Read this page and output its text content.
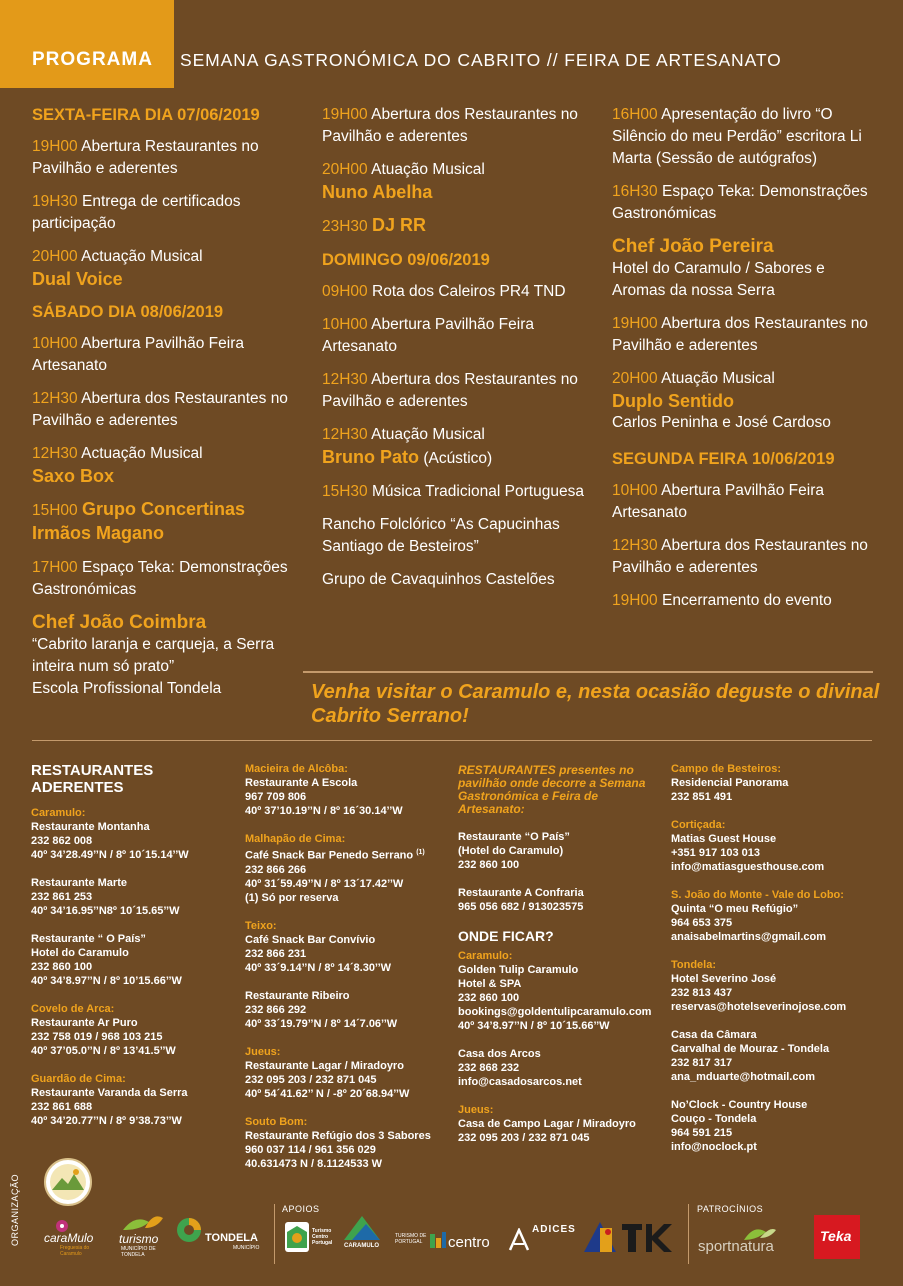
PROGRAMA SEMANA GASTRONÓMICA DO CABRITO // FEIRA DE ARTESANATO
SEXTA-FEIRA DIA 07/06/2019
19H00 Abertura Restaurantes no Pavilhão e aderentes
19H30 Entrega de certificados participação
20H00 Actuação Musical
Dual Voice
SÁBADO DIA 08/06/2019
10H00 Abertura Pavilhão Feira Artesanato
12H30 Abertura dos Restaurantes no Pavilhão e aderentes
12H30 Actuação Musical
Saxo Box
15H00 Grupo Concertinas Irmãos Magano
17H00 Espaço Teka: Demonstrações Gastronómicas
Chef João Coimbra
“Cabrito laranja e carqueja, a Serra inteira num só prato”
Escola Profissional Tondela
19H00 Abertura dos Restaurantes no Pavilhão e aderentes
20H00 Atuação Musical
Nuno Abelha
23H30 DJ RR
DOMINGO 09/06/2019
09H00 Rota dos Caleiros PR4 TND
10H00 Abertura Pavilhão Feira Artesanato
12H30 Abertura dos Restaurantes no Pavilhão e aderentes
12H30 Atuação Musical
Bruno Pato (Acústico)
15H30 Música Tradicional Portuguesa
Rancho Folclórico “As Capucinhas Santiago de Besteiros”
Grupo de Cavaquinhos Castelões
16H00 Apresentação do livro “O Silêncio do meu Perdão” escritora Li Marta (Sessão de autógrafos)
16H30 Espaço Teka: Demonstrações Gastronómicas
Chef João Pereira
Hotel do Caramulo / Sabores e Aromas da nossa Serra
19H00 Abertura dos Restaurantes no Pavilhão e aderentes
20H00 Atuação Musical
Duplo Sentido
Carlos Peninha e José Cardoso
SEGUNDA FEIRA 10/06/2019
10H00 Abertura Pavilhão Feira Artesanato
12H30 Abertura dos Restaurantes no Pavilhão e aderentes
19H00 Encerramento do evento
Venha visitar o Caramulo e, nesta ocasião deguste o divinal Cabrito Serrano!
RESTAURANTES ADERENTES
Caramulo:
Restaurante Montanha
232 862 008
40º 34’28.49’’N / 8º 10´15.14’’W
Restaurante Marte
232 861 253
40º 34’16.95’’N8º 10´15.65’’W
Restaurante “ O País”
Hotel do Caramulo
232 860 100
40º 34’8.97’’N / 8º 10’15.66’’W
Covelo de Arca:
Restaurante Ar Puro
232 758 019 / 968 103 215
40º 37’05.0’’N / 8º 13’41.5’’W
Guardão de Cima:
Restaurante Varanda da Serra
232 861 688
40º 34’20.77’’N / 8º 9’38.73’’W
Macieira de Alcôba:
Restaurante A Escola
967 709 806
40º 37’10.19’’N / 8º 16´30.14’’W
Malhapão de Cima:
Café Snack Bar Penedo Serrano $^{(1)}$
232 866 266
40º 31´59.49’’N / 8º 13´17.42’’W
(1) Só por reserva
Teixo:
Café Snack Bar Convívio
232 866 231
40º 33´9.14’’N / 8º 14´8.30’’W
Restaurante Ribeiro
232 866 292
40º 33´19.79’’N / 8º 14´7.06’’W
Jueus:
Restaurante Lagar / Miradoyro
232 095 203 / 232 871 045
40º 54´41.62’’ N / -8º 20´68.94’’W
Souto Bom:
Restaurante Refúgio dos 3 Sabores
960 037 114 / 961 356 029
40.631473 N / 8.1124533 W
RESTAURANTES presentes no pavilhão onde decorre a Semana Gastronómica e Feira de Artesanato:
Restaurante “O País”
(Hotel do Caramulo)
232 860 100
Restaurante A Confraria
965 056 682 / 913023575
ONDE FICAR?
Caramulo:
Golden Tulip Caramulo
Hotel & SPA
232 860 100
bookings@goldentulipcaramulo.com
40º 34’8.97’’N / 8º 10´15.66’’W
Casa dos Arcos
232 868 232
info@casadosarcos.net
Jueus:
Casa de Campo Lagar / Miradoyro
232 095 203 / 232 871 045
Campo de Besteiros:
Residencial Panorama
232 851 491
Cortiçada:
Matias Guest House
+351 917 103 013
info@matiasguesthouse.com
S. João do Monte - Vale do Lobo:
Quinta “O meu Refúgio”
964 653 375
anaisabelmartins@gmail.com
Tondela:
Hotel Severino José
232 813 437
reservas@hotelseverinojose.com
Casa da Câmara
Carvalhal de Mouraz - Tondela
232 817 317
ana_mduarte@hotmail.com
No’Clock - Country House
Couço - Tondela
964 591 215
info@noclock.pt
ORGANIZAÇÃO	caraMulo
Freguesia do Caramulo
turismo
MUNICÍPIO DE TONDELA
TONDELA
MUNICÍPIO
APOIOS
Turismo Centro Portugal	CARAMULO
TURISMO DE PORTUGAL	centro
ADICES
PATROCÍNIOS
sportnatura
Teka
